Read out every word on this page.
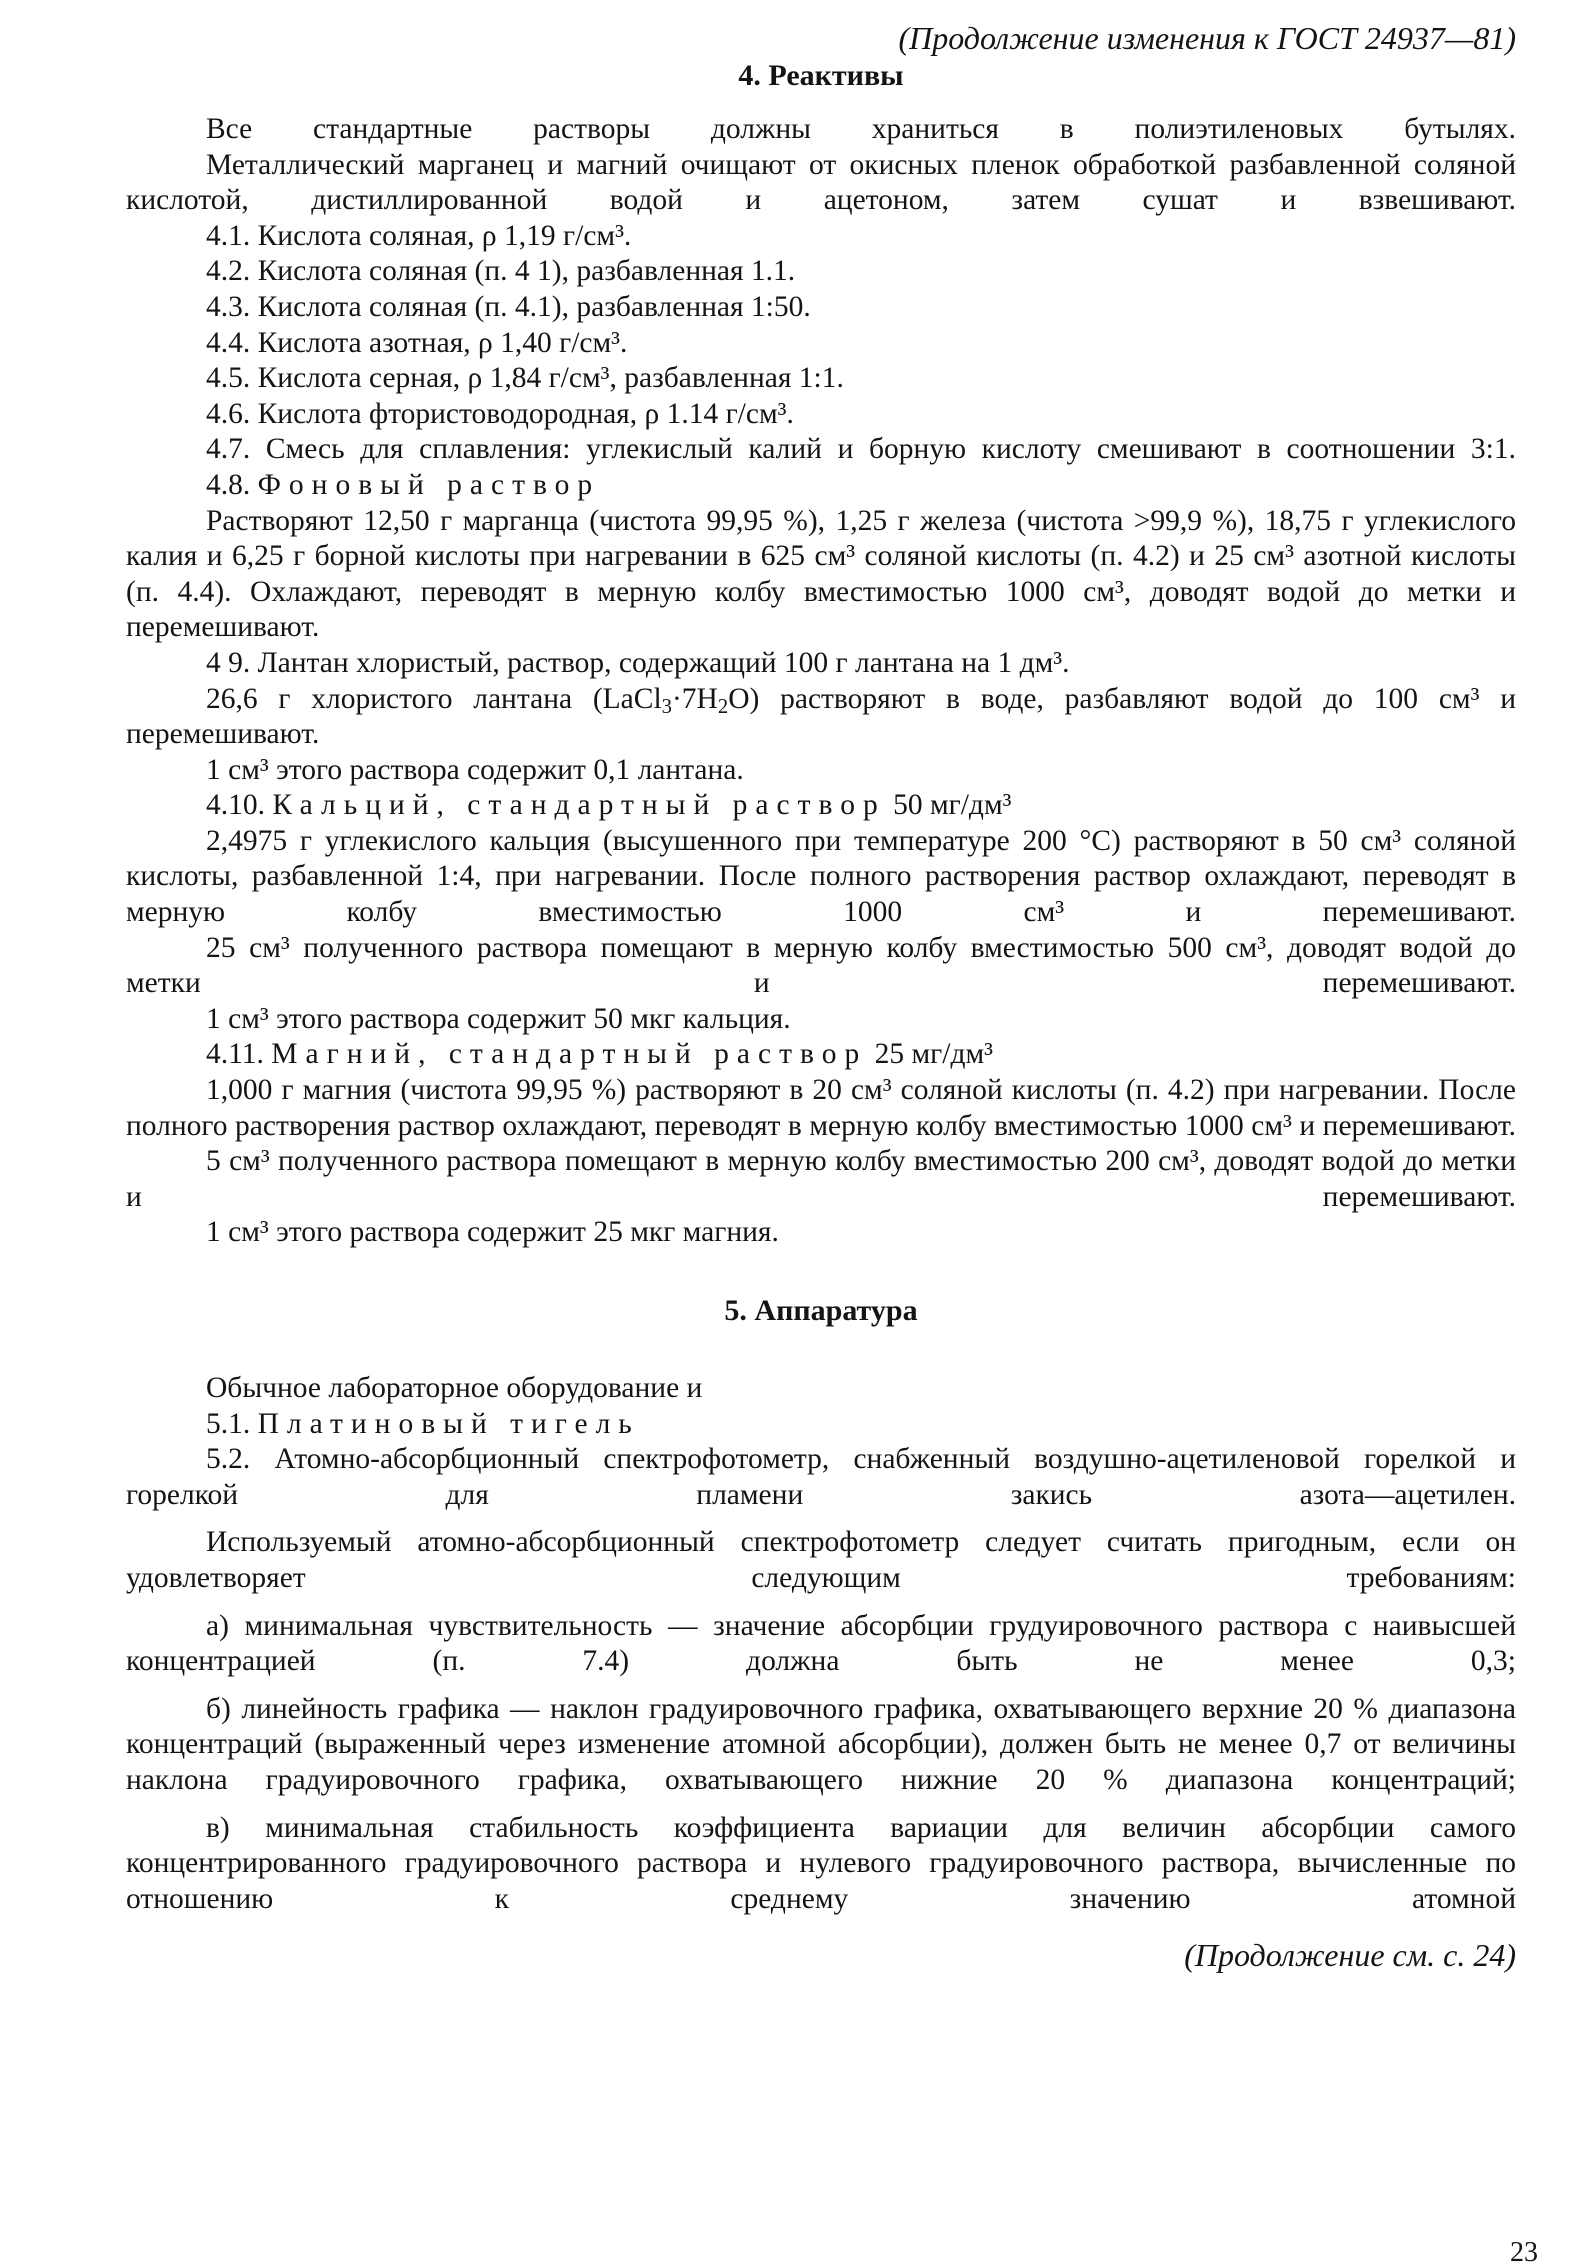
(Продолжение изменения к ГОСТ 24937—81)

4. Реактивы

Все стандартные растворы должны храниться в полиэтиленовых бутылях.

Металлический марганец и магний очищают от окисных пленок обработкой разбавленной соляной кислотой, дистиллированной водой и ацетоном, затем сушат и взвешивают.

4.1. Кислота соляная, ρ 1,19 г/см³.

4.2. Кислота соляная (п. 4 1), разбавленная 1.1.

4.3. Кислота соляная (п. 4.1), разбавленная 1:50.

4.4. Кислота азотная, ρ 1,40 г/см³.

4.5. Кислота серная, ρ 1,84 г/см³, разбавленная 1:1.

4.6. Кислота фтористоводородная, ρ 1.14 г/см³.

4.7. Смесь для сплавления: углекислый калий и борную кислоту смешивают в соотношении 3:1.

4.8. Фоновый раствор

Растворяют 12,50 г марганца (чистота 99,95 %), 1,25 г железа (чистота >99,9 %), 18,75 г углекислого калия и 6,25 г борной кислоты при нагревании в 625 см³ соляной кислоты (п. 4.2) и 25 см³ азотной кислоты (п. 4.4). Охлаждают, переводят в мерную колбу вместимостью 1000 см³, доводят водой до метки и перемешивают.

4 9. Лантан хлористый, раствор, содержащий 100 г лантана на 1 дм³.

26,6 г хлористого лантана $(LaCl_3\cdot 7H_2O)$ растворяют в воде, разбавляют водой до 100 см³ и перемешивают.

1 см³ этого раствора содержит 0,1 лантана.

4.10. Кальций, стандартный раствор 50 мг/дм³

2,4975 г углекислого кальция (высушенного при температуре 200 °С) растворяют в 50 см³ соляной кислоты, разбавленной 1:4, при нагревании. После полного растворения раствор охлаждают, переводят в мерную колбу вместимостью 1000 см³ и перемешивают.

25 см³ полученного раствора помещают в мерную колбу вместимостью 500 см³, доводят водой до метки и перемешивают.

1 см³ этого раствора содержит 50 мкг кальция.

4.11. Магний, стандартный раствор 25 мг/дм³

1,000 г магния (чистота 99,95 %) растворяют в 20 см³ соляной кислоты (п. 4.2) при нагревании. После полного растворения раствор охлаждают, переводят в мерную колбу вместимостью 1000 см³ и перемешивают.

5 см³ полученного раствора помещают в мерную колбу вместимостью 200 см³, доводят водой до метки и перемешивают.

1 см³ этого раствора содержит 25 мкг магния.

5. Аппаратура

Обычное лабораторное оборудование и

5.1. Платиновый тигель

5.2. Атомно-абсорбционный спектрофотометр, снабженный воздушно-ацетиленовой горелкой и горелкой для пламени закись азота—ацетилен.

Используемый атомно-абсорбционный спектрофотометр следует считать пригодным, если он удовлетворяет следующим требованиям:

а) минимальная чувствительность — значение абсорбции грудуировочного раствора с наивысшей концентрацией (п. 7.4) должна быть не менее 0,3;

б) линейность графика — наклон градуировочного графика, охватывающего верхние 20 % диапазона концентраций (выраженный через изменение атомной абсорбции), должен быть не менее 0,7 от величины наклона градуировочного графика, охватывающего нижние 20 % диапазона концентраций;

в) минимальная стабильность коэффициента вариации для величин абсорбции самого концентрированного градуировочного раствора и нулевого градуировочного раствора, вычисленные по отношению к среднему значению атомной

(Продолжение см. с. 24)

23
